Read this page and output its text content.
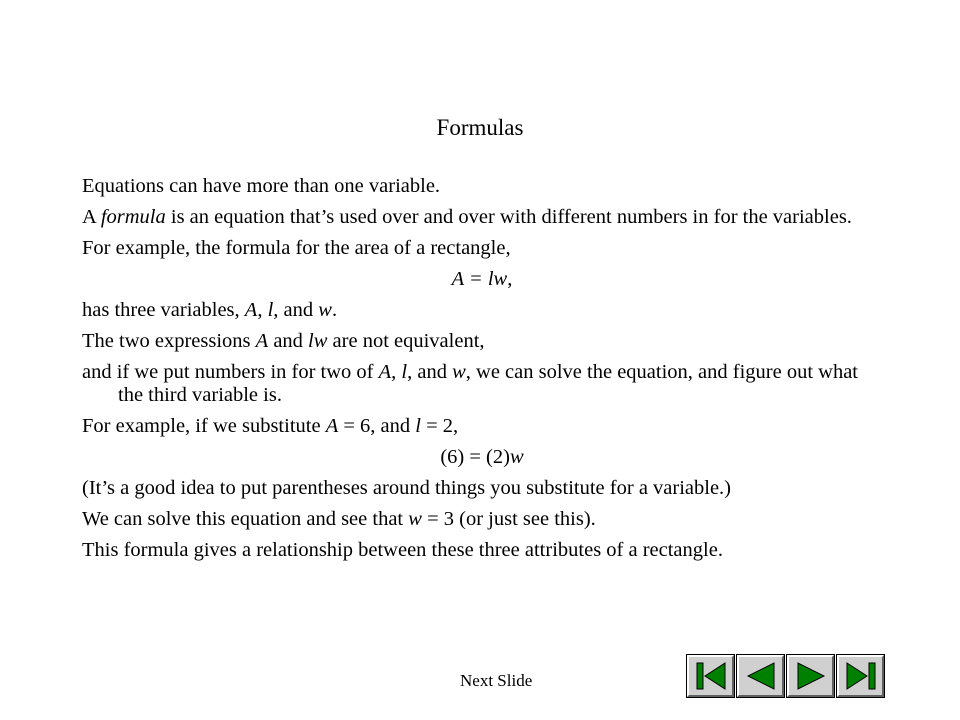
Formulas
Equations can have more than one variable.
A formula is an equation that’s used over and over with different numbers in for the variables.
For example, the formula for the area of a rectangle,
A = lw,
has three variables, A, l, and w.
The two expressions A and lw are not equivalent,
and if we put numbers in for two of A, l, and w, we can solve the equation, and figure out what the third variable is.
For example, if we substitute A = 6, and l = 2,
(6) = (2)w
(It’s a good idea to put parentheses around things you substitute for a variable.)
We can solve this equation and see that w = 3 (or just see this).
This formula gives a relationship between these three attributes of a rectangle.
Next Slide
